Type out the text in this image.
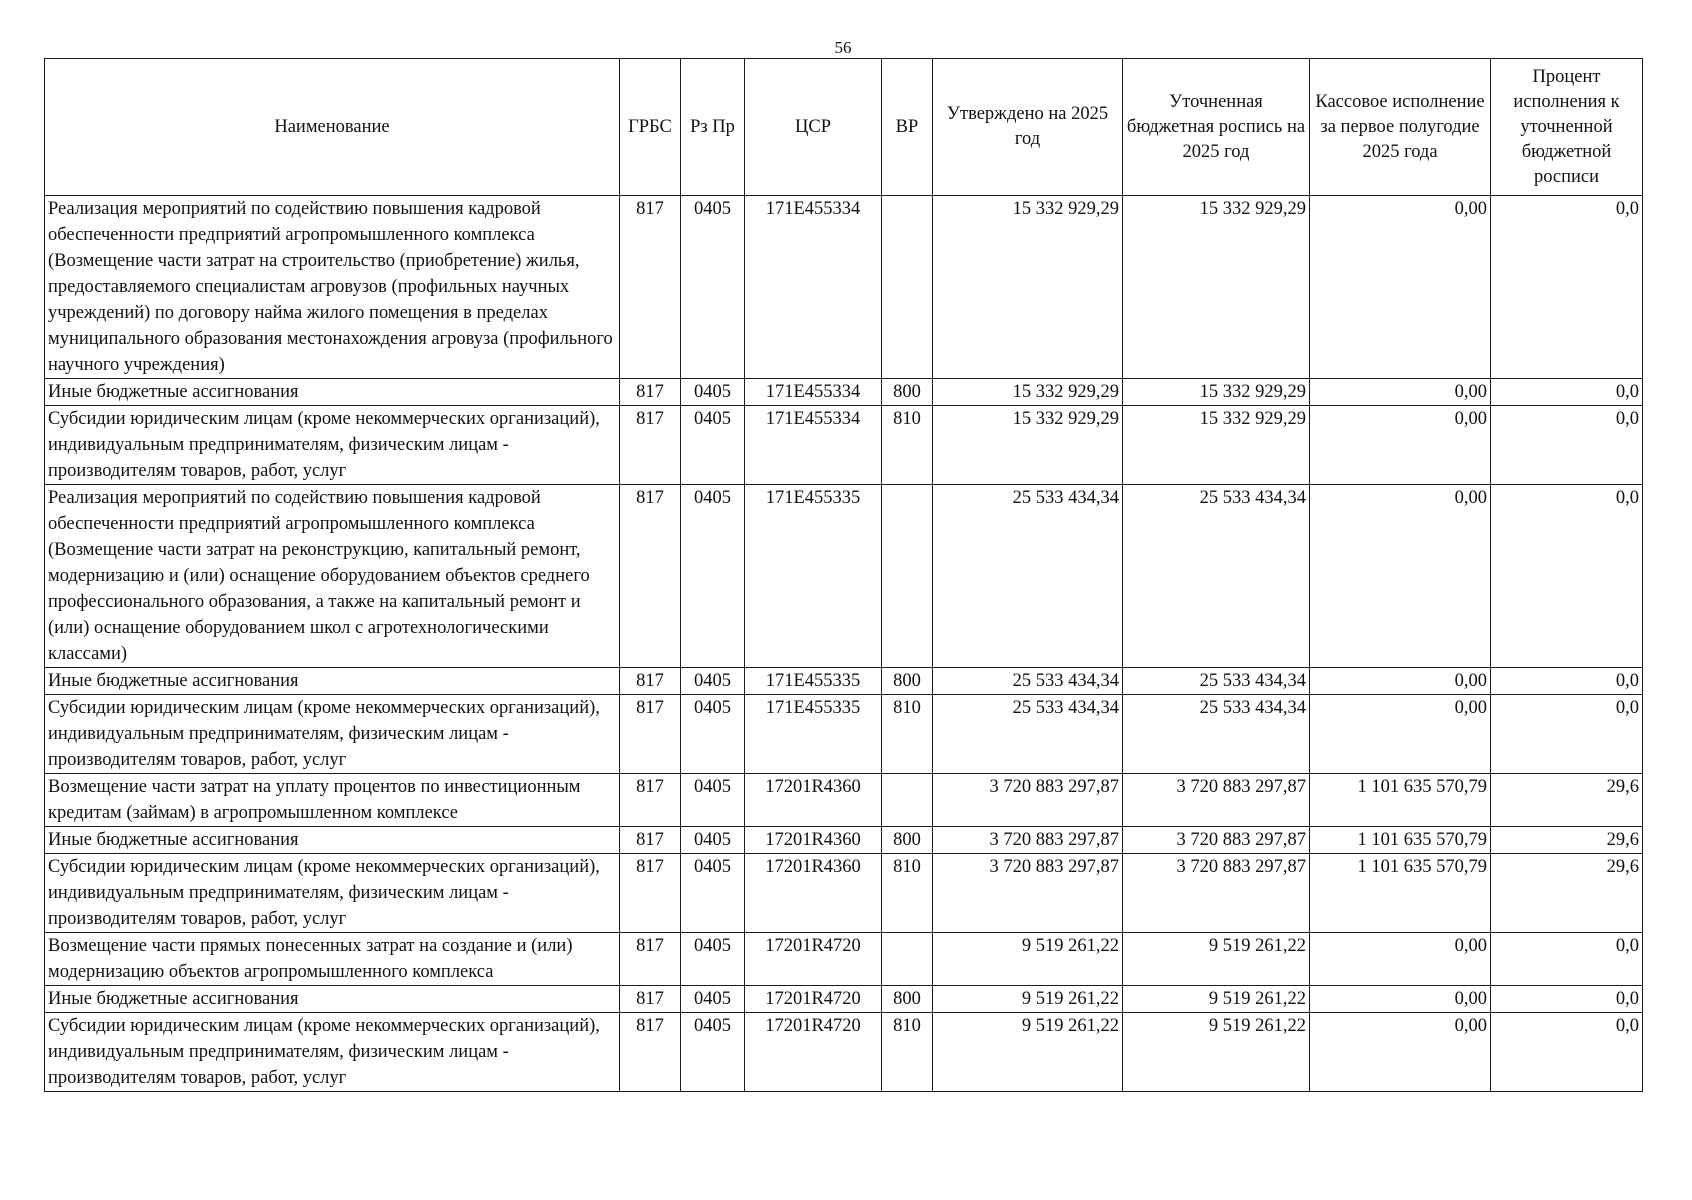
56
Наименование	ГРБС	Рз Пр	ЦСР	ВР	Утверждено на 2025 год	Уточненная бюджетная роспись на 2025 год	Кассовое исполнение за первое полугодие 2025 года	Процент исполнения к уточненной бюджетной росписи
Реализация мероприятий по содействию повышения кадровой обеспеченности предприятий агропромышленного комплекса (Возмещение части затрат на строительство (приобретение) жилья, предоставляемого специалистам агровузов (профильных научных учреждений) по договору найма жилого помещения в пределах муниципального образования местонахождения агровуза (профильного научного учреждения)	817	0405	171E455334		15 332 929,29	15 332 929,29	0,00	0,0
Иные бюджетные ассигнования	817	0405	171E455334	800	15 332 929,29	15 332 929,29	0,00	0,0
Субсидии юридическим лицам (кроме некоммерческих организаций), индивидуальным предпринимателям, физическим лицам - производителям товаров, работ, услуг	817	0405	171E455334	810	15 332 929,29	15 332 929,29	0,00	0,0
Реализация мероприятий по содействию повышения кадровой обеспеченности предприятий агропромышленного комплекса (Возмещение части затрат на реконструкцию, капитальный ремонт, модернизацию и (или) оснащение оборудованием объектов среднего профессионального образования, а также на капитальный ремонт и (или) оснащение оборудованием школ с агротехнологическими классами)	817	0405	171E455335		25 533 434,34	25 533 434,34	0,00	0,0
Иные бюджетные ассигнования	817	0405	171E455335	800	25 533 434,34	25 533 434,34	0,00	0,0
Субсидии юридическим лицам (кроме некоммерческих организаций), индивидуальным предпринимателям, физическим лицам - производителям товаров, работ, услуг	817	0405	171E455335	810	25 533 434,34	25 533 434,34	0,00	0,0
Возмещение части затрат на уплату процентов по инвестиционным кредитам (займам) в агропромышленном комплексе	817	0405	17201R4360		3 720 883 297,87	3 720 883 297,87	1 101 635 570,79	29,6
Иные бюджетные ассигнования	817	0405	17201R4360	800	3 720 883 297,87	3 720 883 297,87	1 101 635 570,79	29,6
Субсидии юридическим лицам (кроме некоммерческих организаций), индивидуальным предпринимателям, физическим лицам - производителям товаров, работ, услуг	817	0405	17201R4360	810	3 720 883 297,87	3 720 883 297,87	1 101 635 570,79	29,6
Возмещение части прямых понесенных затрат на создание и (или) модернизацию объектов агропромышленного комплекса	817	0405	17201R4720		9 519 261,22	9 519 261,22	0,00	0,0
Иные бюджетные ассигнования	817	0405	17201R4720	800	9 519 261,22	9 519 261,22	0,00	0,0
Субсидии юридическим лицам (кроме некоммерческих организаций), индивидуальным предпринимателям, физическим лицам - производителям товаров, работ, услуг	817	0405	17201R4720	810	9 519 261,22	9 519 261,22	0,00	0,0
